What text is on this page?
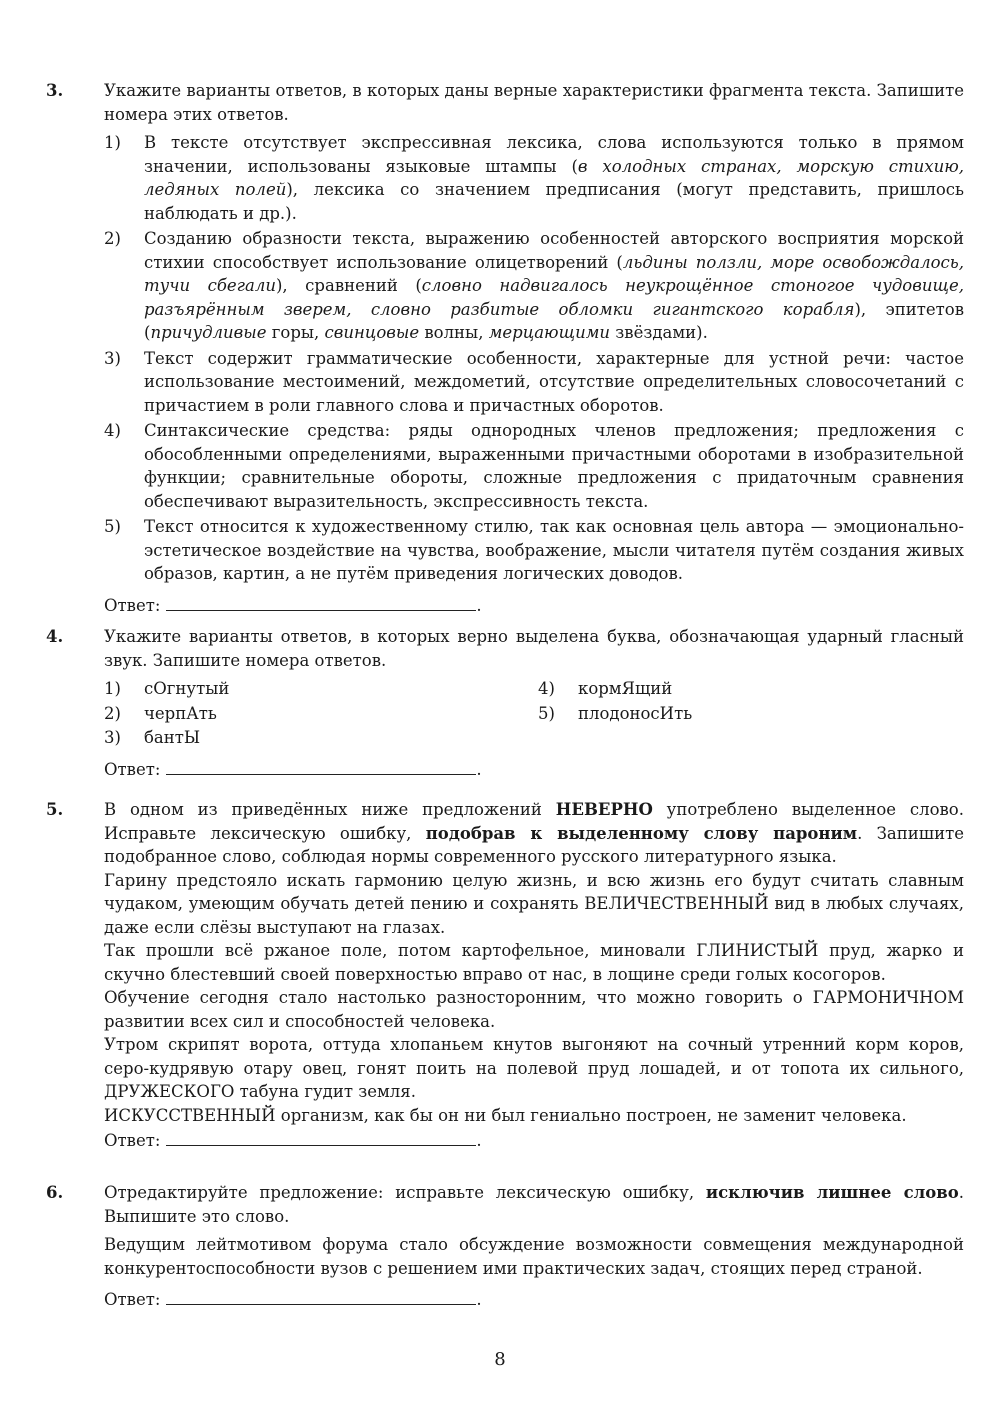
3.	Укажите варианты ответов, в которых даны верные характеристики фрагмента текста. Запишите номера этих ответов.

1)	В тексте отсутствует экспрессивная лексика, слова используются только в прямом значении, использованы языковые штампы (в холодных странах, морскую стихию, ледяных полей), лексика со значением предписания (могут представить, пришлось наблюдать и др.).
2)	Созданию образности текста, выражению особенностей авторского восприятия морской стихии способствует использование олицетворений (льдины ползли, море освобождалось, тучи сбегали), сравнений (словно надвигалось неукрощённое стоногое чудовище, разъярённым зверем, словно разбитые обломки гигантского корабля), эпитетов (причудливые горы, свинцовые волны, мерцающими звёздами).
3)	Текст содержит грамматические особенности, характерные для устной речи: частое использование местоимений, междометий, отсутствие определительных словосочетаний с причастием в роли главного слова и причастных оборотов.
4)	Синтаксические средства: ряды однородных членов предложения; предложения с обособленными определениями, выраженными причастными оборотами в изобразительной функции; сравнительные обороты, сложные предложения с придаточным сравнения обеспечивают выразительность, экспрессивность текста.
5)	Текст относится к художественному стилю, так как основная цель автора — эмоционально-эстетическое воздействие на чувства, воображение, мысли читателя путём создания живых образов, картин, а не путём приведения логических доводов.
Ответ:	.
4.	Укажите варианты ответов, в которых верно выделена буква, обозначающая ударный гласный звук. Запишите номера ответов.

1)	сОгнутый	4)	кормЯщий
2)	черпАть	5)	плодоносИть
3)	бантЫ
Ответ:	.
5.	В одном из приведённых ниже предложений НЕВЕРНО употреблено выделенное слово. Исправьте лексическую ошибку, подобрав к выделенному слову пароним. Запишите подобранное слово, соблюдая нормы современного русского литературного языка.

Гарину предстояло искать гармонию целую жизнь, и всю жизнь его будут считать славным чудаком, умеющим обучать детей пению и сохранять ВЕЛИЧЕСТВЕННЫЙ вид в любых случаях, даже если слёзы выступают на глазах.

Так прошли всё ржаное поле, потом картофельное, миновали ГЛИНИСТЫЙ пруд, жарко и скучно блестевший своей поверхностью вправо от нас, в лощине среди голых косогоров.

Обучение сегодня стало настолько разносторонним, что можно говорить о ГАРМОНИЧНОМ развитии всех сил и способностей человека.

Утром скрипят ворота, оттуда хлопаньем кнутов выгоняют на сочный утренний корм коров, серо-кудрявую отару овец, гонят поить на полевой пруд лошадей, и от топота их сильного, ДРУЖЕСКОГО табуна гудит земля.

ИСКУССТВЕННЫЙ организм, как бы он ни был гениально построен, не заменит человека.

Ответ:	.
6.	Отредактируйте предложение: исправьте лексическую ошибку, исключив лишнее слово. Выпишите это слово.

Ведущим лейтмотивом форума стало обсуждение возможности совмещения международной конкурентоспособности вузов с решением ими практических задач, стоящих перед страной.

Ответ:	.
8
